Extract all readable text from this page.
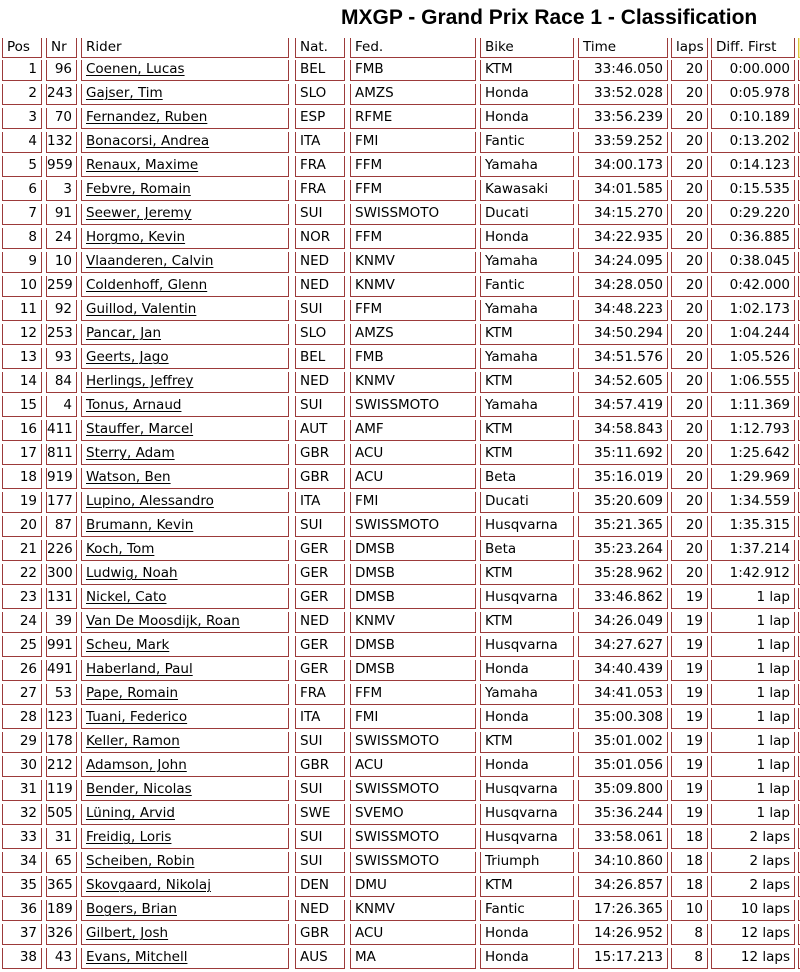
MXGP - Grand Prix Race 1 - Classification
Pos	Nr	Rider	Nat.	Fed.	Bike	Time	laps Diff. First
1	96	Coenen, Lucas	BEL	FMB	KTM	33:46.050	20	0:00.000
2 243 Gajser, Tim	SLO	AMZS	Honda	33:52.028	20	0:05.978
3	70	Fernandez, Ruben	ESP	RFME	Honda	33:56.239	20	0:10.189
4 132 Bonacorsi, Andrea	ITA	FMI	Fantic	33:59.252	20	0:13.202
5 959 Renaux, Maxime	FRA	FFM	Yamaha	34:00.173	20	0:14.123
6	3	Febvre, Romain	FRA	FFM	Kawasaki	34:01.585	20	0:15.535
7	91	Seewer, Jeremy	SUI	SWISSMOTO	Ducati	34:15.270	20	0:29.220
8	24	Horgmo, Kevin	NOR	FFM	Honda	34:22.935	20	0:36.885
9	10	Vlaanderen, Calvin	NED	KNMV	Yamaha	34:24.095	20	0:38.045
10 259 Coldenhoff, Glenn	NED	KNMV	Fantic	34:28.050	20	0:42.000
11	92	Guillod, Valentin	SUI	FFM	Yamaha	34:48.223	20	1:02.173
12 253 Pancar, Jan	SLO	AMZS	KTM	34:50.294	20	1:04.244
13	93	Geerts, Jago	BEL	FMB	Yamaha	34:51.576	20	1:05.526
14	84	Herlings, Jeffrey	NED	KNMV	KTM	34:52.605	20	1:06.555
15	4	Tonus, Arnaud	SUI	SWISSMOTO	Yamaha	34:57.419	20	1:11.369
16 411 Stauffer, Marcel	AUT	AMF	KTM	34:58.843	20	1:12.793
17 811 Sterry, Adam	GBR	ACU	KTM	35:11.692	20	1:25.642
18 919 Watson, Ben	GBR	ACU	Beta	35:16.019	20	1:29.969
19 177 Lupino, Alessandro	ITA	FMI	Ducati	35:20.609	20	1:34.559
20	87	Brumann, Kevin	SUI	SWISSMOTO	Husqvarna	35:21.365	20	1:35.315
21 226 Koch, Tom	GER	DMSB	Beta	35:23.264	20	1:37.214
22 300 Ludwig, Noah	GER	DMSB	KTM	35:28.962	20	1:42.912
23 131 Nickel, Cato	GER	DMSB	Husqvarna	33:46.862	19	1 lap
24	39	Van De Moosdijk, Roan	NED	KNMV	KTM	34:26.049	19	1 lap
25 991 Scheu, Mark	GER	DMSB	Husqvarna	34:27.627	19	1 lap
26 491 Haberland, Paul	GER	DMSB	Honda	34:40.439	19	1 lap
27	53	Pape, Romain	FRA	FFM	Yamaha	34:41.053	19	1 lap
28 123 Tuani, Federico	ITA	FMI	Honda	35:00.308	19	1 lap
29 178 Keller, Ramon	SUI	SWISSMOTO	KTM	35:01.002	19	1 lap
30 212 Adamson, John	GBR	ACU	Honda	35:01.056	19	1 lap
31 119 Bender, Nicolas	SUI	SWISSMOTO	Husqvarna	35:09.800	19	1 lap
32 505 Lüning, Arvid	SWE	SVEMO	Husqvarna	35:36.244	19	1 lap
33	31	Freidig, Loris	SUI	SWISSMOTO	Husqvarna	33:58.061	18	2 laps
34	65	Scheiben, Robin	SUI	SWISSMOTO	Triumph	34:10.860	18	2 laps
35 365 Skovgaard, Nikolaj	DEN	DMU	KTM	34:26.857	18	2 laps
36 189 Bogers, Brian	NED	KNMV	Fantic	17:26.365	10	10 laps
37 326 Gilbert, Josh	GBR	ACU	Honda	14:26.952	8	12 laps
38	43	Evans, Mitchell	AUS	MA	Honda	15:17.213	8	12 laps
